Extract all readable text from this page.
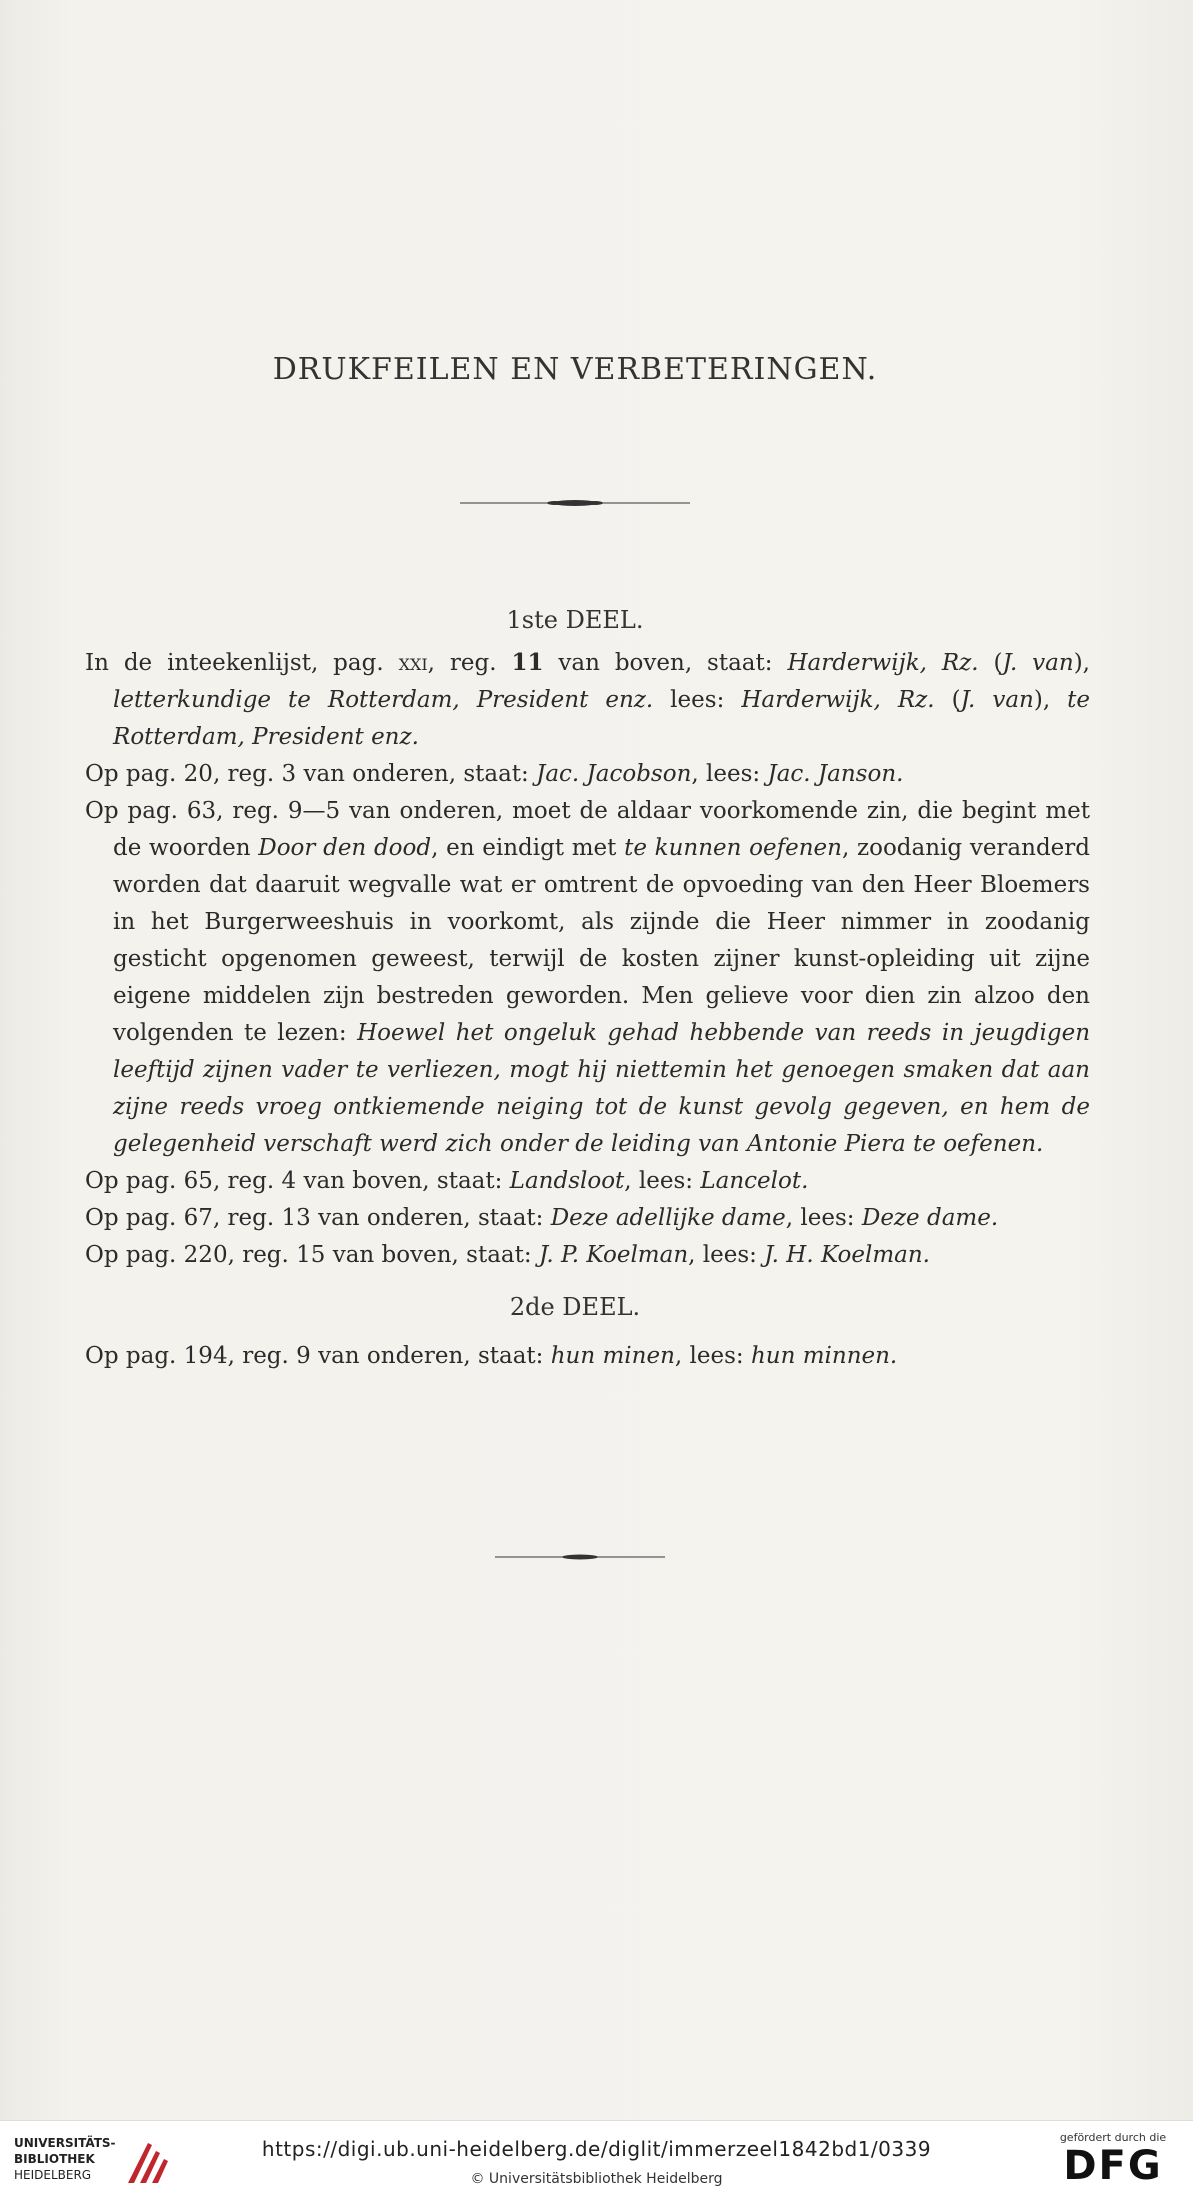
DRUKFEILEN EN VERBETERINGEN.
1ste DEEL.

In de inteekenlijst, pag. xxi, reg. 11 van boven, staat: Harderwijk, Rz. (J. van), letterkundige te Rotterdam, President enz. lees: Harderwijk, Rz. (J. van), te Rotterdam, President enz.

Op pag. 20, reg. 3 van onderen, staat: Jac. Jacobson, lees: Jac. Janson.

Op pag. 63, reg. 9—5 van onderen, moet de aldaar voorkomende zin, die begint met de woorden Door den dood, en eindigt met te kunnen oefenen, zoodanig veranderd worden dat daaruit wegvalle wat er omtrent de opvoeding van den Heer Bloemers in het Burgerweeshuis in voorkomt, als zijnde die Heer nimmer in zoodanig gesticht opgenomen geweest, terwijl de kosten zijner kunst-opleiding uit zijne eigene middelen zijn bestreden geworden. Men gelieve voor dien zin alzoo den volgenden te lezen: Hoewel het ongeluk gehad hebbende van reeds in jeugdigen leeftijd zijnen vader te verliezen, mogt hij niettemin het genoegen smaken dat aan zijne reeds vroeg ontkiemende neiging tot de kunst gevolg gegeven, en hem de gelegenheid verschaft werd zich onder de leiding van Antonie Piera te oefenen.

Op pag. 65, reg. 4 van boven, staat: Landsloot, lees: Lancelot.

Op pag. 67, reg. 13 van onderen, staat: Deze adellijke dame, lees: Deze dame.

Op pag. 220, reg. 15 van boven, staat: J. P. Koelman, lees: J. H. Koelman.

2de DEEL.

Op pag. 194, reg. 9 van onderen, staat: hun minen, lees: hun minnen.

UNIVERSITÄTS-
BIBLIOTHEK
HEIDELBERG
https://digi.ub.uni-heidelberg.de/diglit/immerzeel1842bd1/0339
© Universitätsbibliothek Heidelberg
gefördert durch die
DFG
